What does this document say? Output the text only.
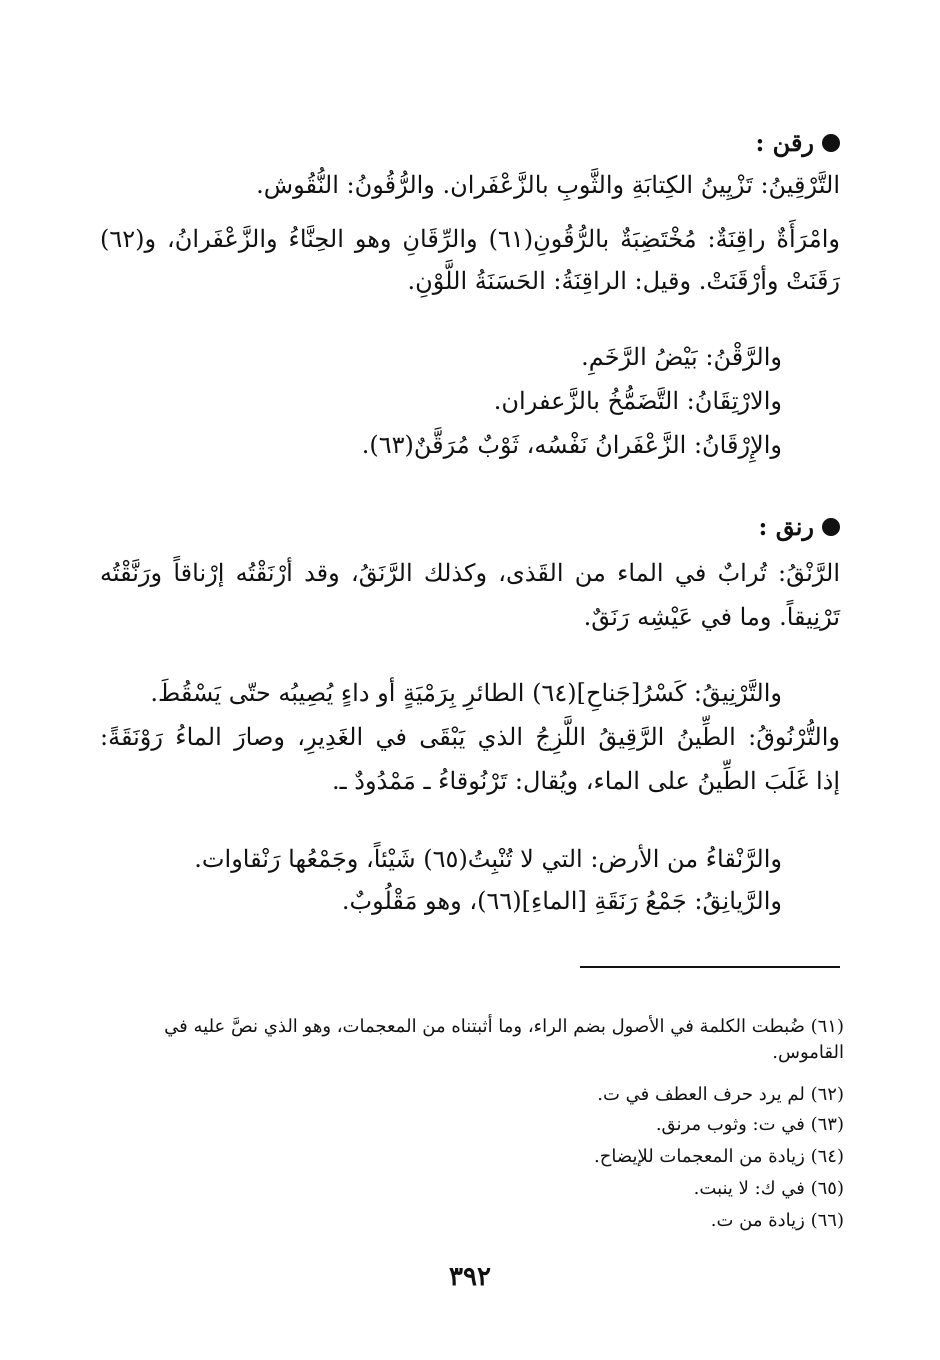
رقن :
التَّرْقِينُ: تَزْيِينُ الكِتابَةِ والثَّوبِ بالزَّعْفَران. والرُّقُونُ: النُّقُوش.
وامْرَأَةٌ راقِنَةٌ: مُخْتَضِبَةٌ بالرُّقُونِ(٦١) والرِّقَانِ وهو الحِنَّاءُ والزَّعْفَرانُ، و(٦٢)
رَقَنَتْ وأرْقَنَتْ. وقيل: الراقِنَةُ: الحَسَنَةُ اللَّوْنِ.
والرَّقْنُ: بَيْضُ الرَّخَمِ.
والارْتِقَانُ: التَّضَمُّخُ بالزَّعفران.
والإِرْقَانُ: الزَّعْفَرانُ نَفْسُه، ثَوْبٌ مُرَقَّنٌ(٦٣).
رنق :
الرَّنْقُ: تُرابٌ في الماء من القَذى، وكذلك الرَّنَقُ، وقد أرْنَقْتُه إرْناقاً ورَنَّقْتُه
تَرْنِيقاً. وما في عَيْشِه رَنَقٌ.
والتَّرْنِيقُ: كَسْرُ[جَناحِ](٦٤) الطائرِ بِرَمْيَةٍ أو داءٍ يُصِيبُه حتّى يَسْقُطَ.
والتُّرْنُوقُ: الطِّينُ الرَّقِيقُ اللَّزِجُ الذي يَبْقَى في الغَدِيرِ، وصارَ الماءُ رَوْنَقَةً:
إذا غَلَبَ الطِّينُ على الماء، ويُقال: تَرْنُوقاءُ ـ مَمْدُودٌ ـ.
والرَّنْقاءُ من الأرض: التي لا تُنْبِتُ(٦٥) شَيْئاً، وجَمْعُها رَنْقاوات.
والرَّيانِقُ: جَمْعُ رَنَقَةِ [الماءِ](٦٦)، وهو مَقْلُوبٌ.
(٦١) ضُبطت الكلمة في الأصول بضم الراء، وما أثبتناه من المعجمات، وهو الذي نصَّ عليه في القاموس.
(٦٢) لم يرد حرف العطف في ت.
(٦٣) في ت: وثوب مرنق.
(٦٤) زيادة من المعجمات للإيضاح.
(٦٥) في ك: لا ينبت.
(٦٦) زيادة من ت.
٣٩٢
